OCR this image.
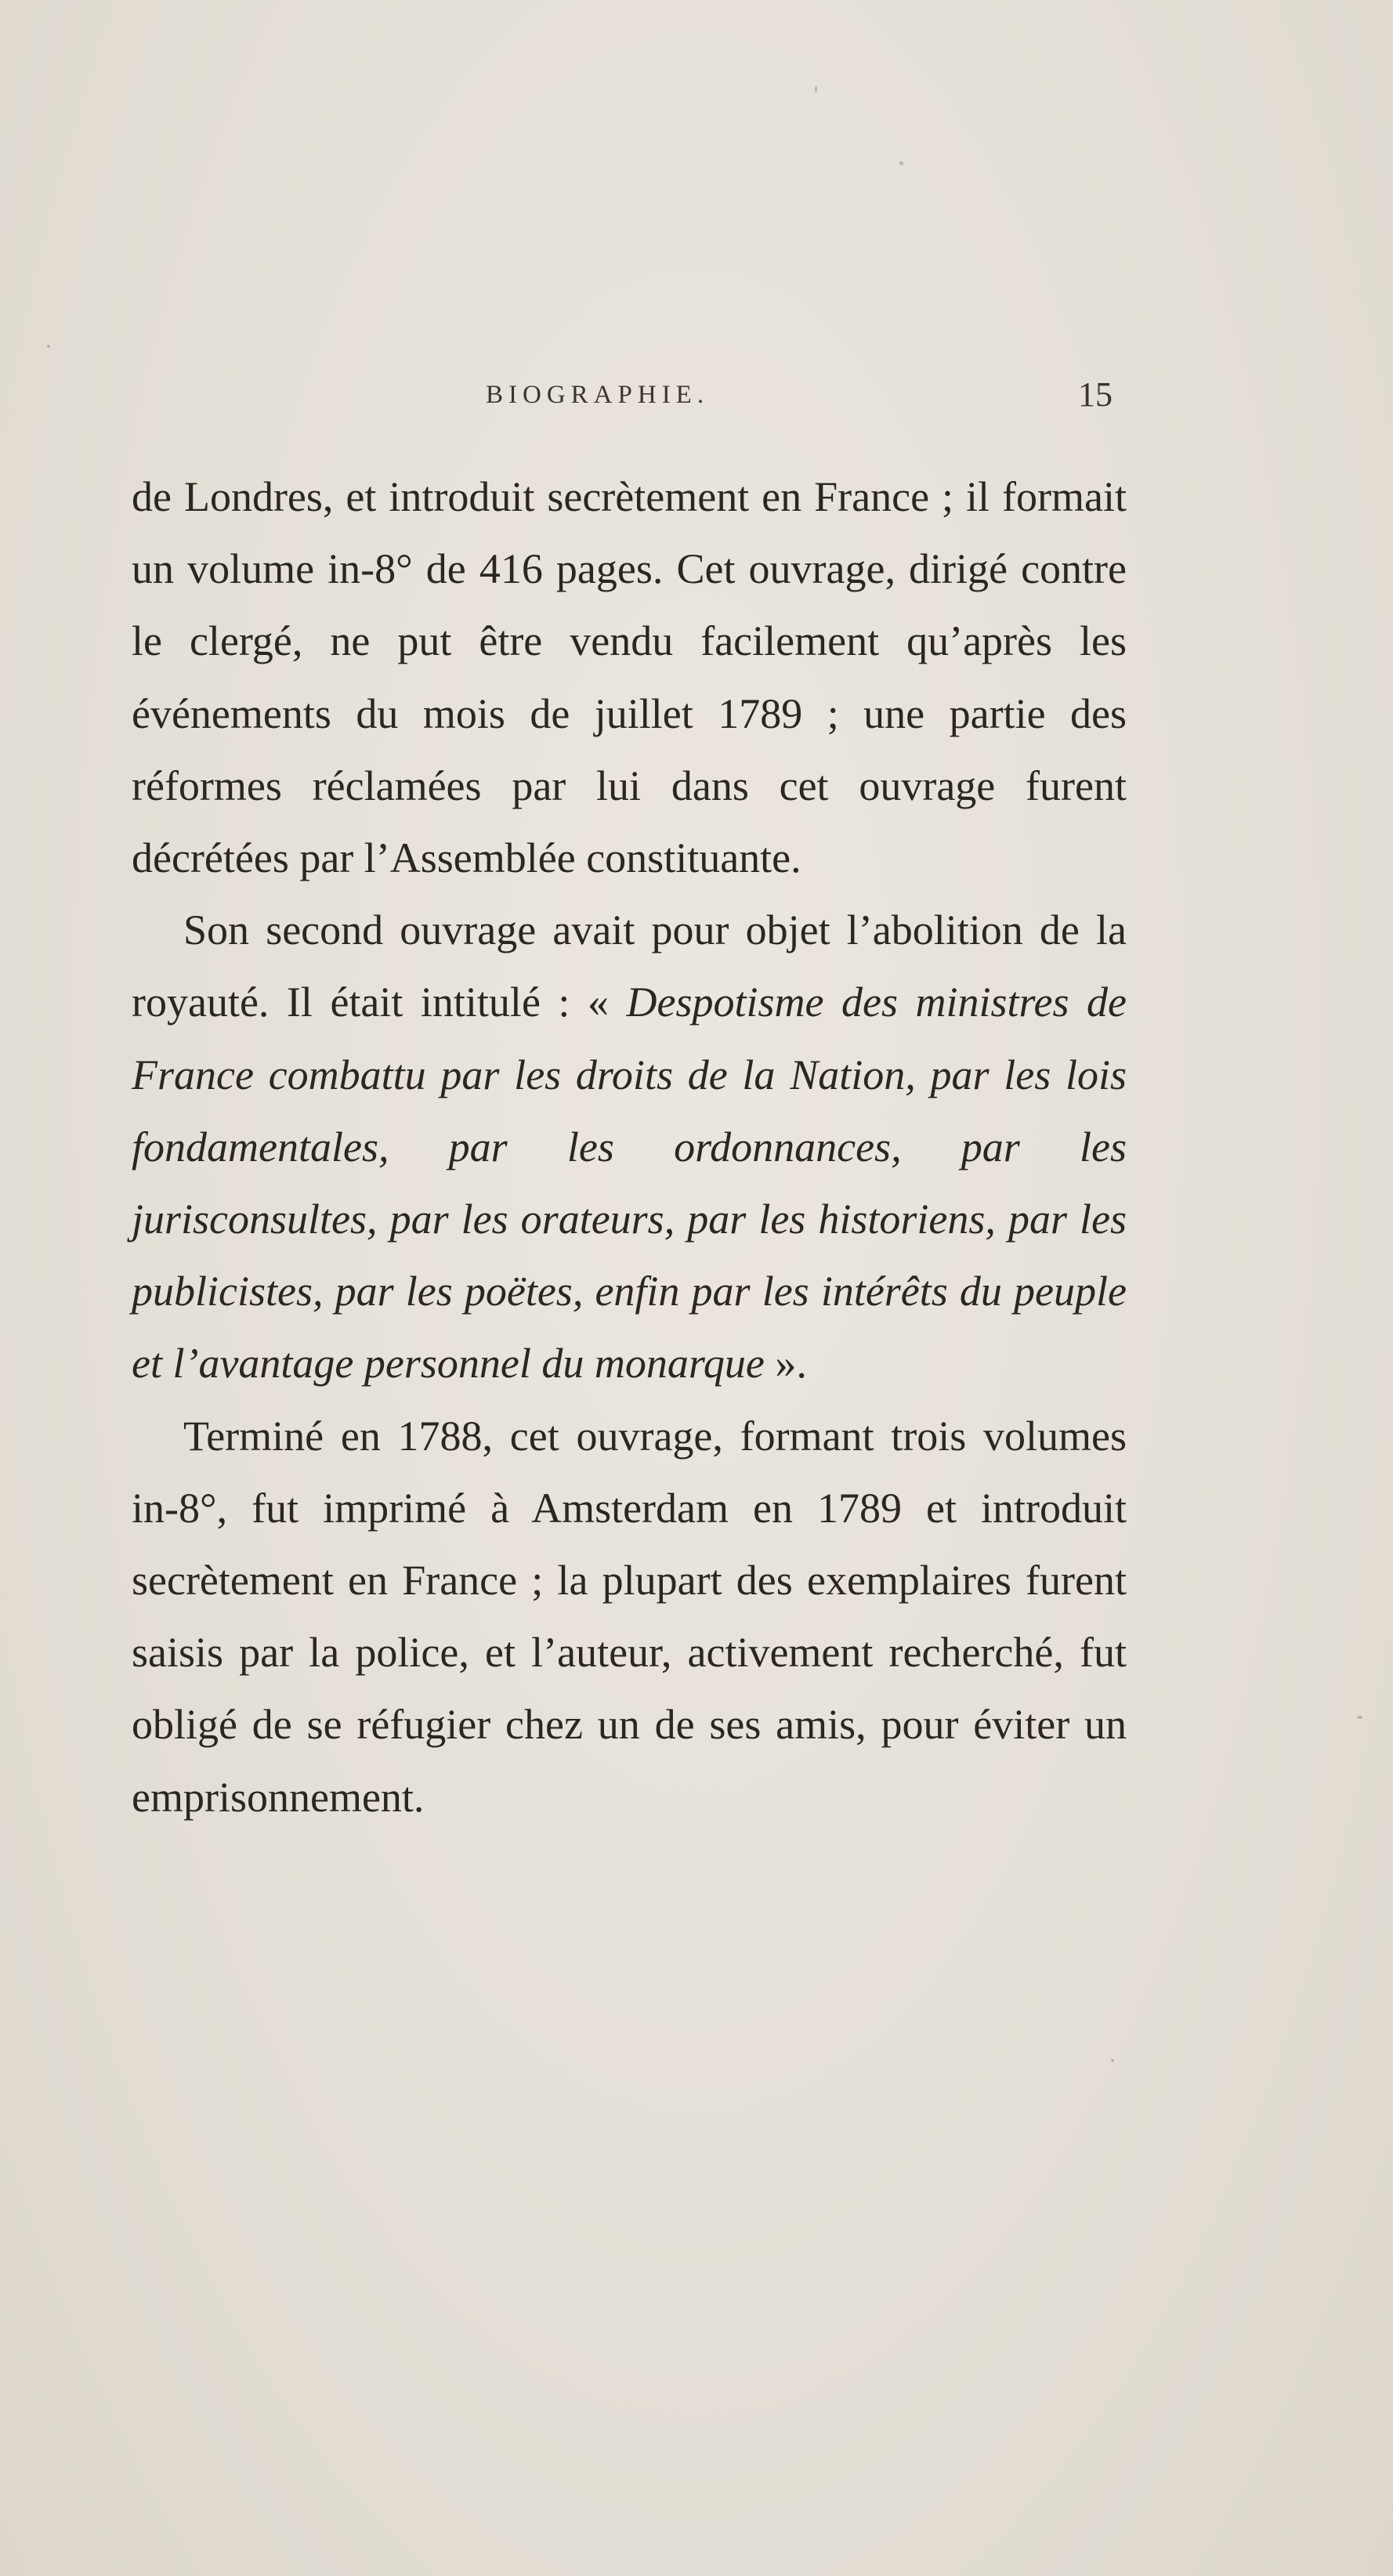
BIOGRAPHIE.	15

de Londres, et introduit secrètement en France ; il formait un volume in-8° de 416 pages. Cet ouvrage, dirigé contre le clergé, ne put être vendu facilement qu’après les événements du mois de juillet 1789 ; une partie des réformes réclamées par lui dans cet ouvrage furent décrétées par l’Assemblée constituante.

Son second ouvrage avait pour objet l’abolition de la royauté. Il était intitulé : « Despotisme des ministres de France combattu par les droits de la Nation, par les lois fondamentales, par les ordonnances, par les jurisconsultes, par les orateurs, par les historiens, par les publicistes, par les poëtes, enfin par les intérêts du peuple et l’avantage personnel du monarque ».

Terminé en 1788, cet ouvrage, formant trois volumes in-8°, fut imprimé à Amsterdam en 1789 et introduit secrètement en France ; la plupart des exemplaires furent saisis par la police, et l’auteur, activement recherché, fut obligé de se réfugier chez un de ses amis, pour éviter un emprisonnement.
